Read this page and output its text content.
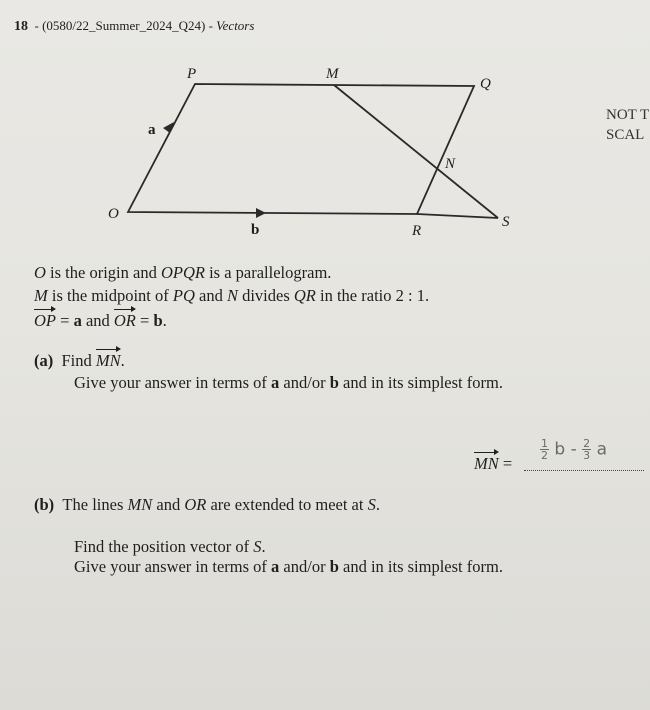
18 - (0580/22_Summer_2024_Q24) - Vectors
P	M
Q
N
O
R
S
a
b
NOT T
SCAL
O is the origin and OPQR is a parallelogram.
M is the midpoint of PQ and N divides QR in the ratio 2 : 1.
OP = a and OR = b.
(a) Find MN.
Give your answer in terms of a and/or b and in its simplest form.
MN =
$\frac{1}{2}$ b - $\frac{2}{3}$ a
(b) The lines MN and OR are extended to meet at S.
Find the position vector of S.
Give your answer in terms of a and/or b and in its simplest form.
